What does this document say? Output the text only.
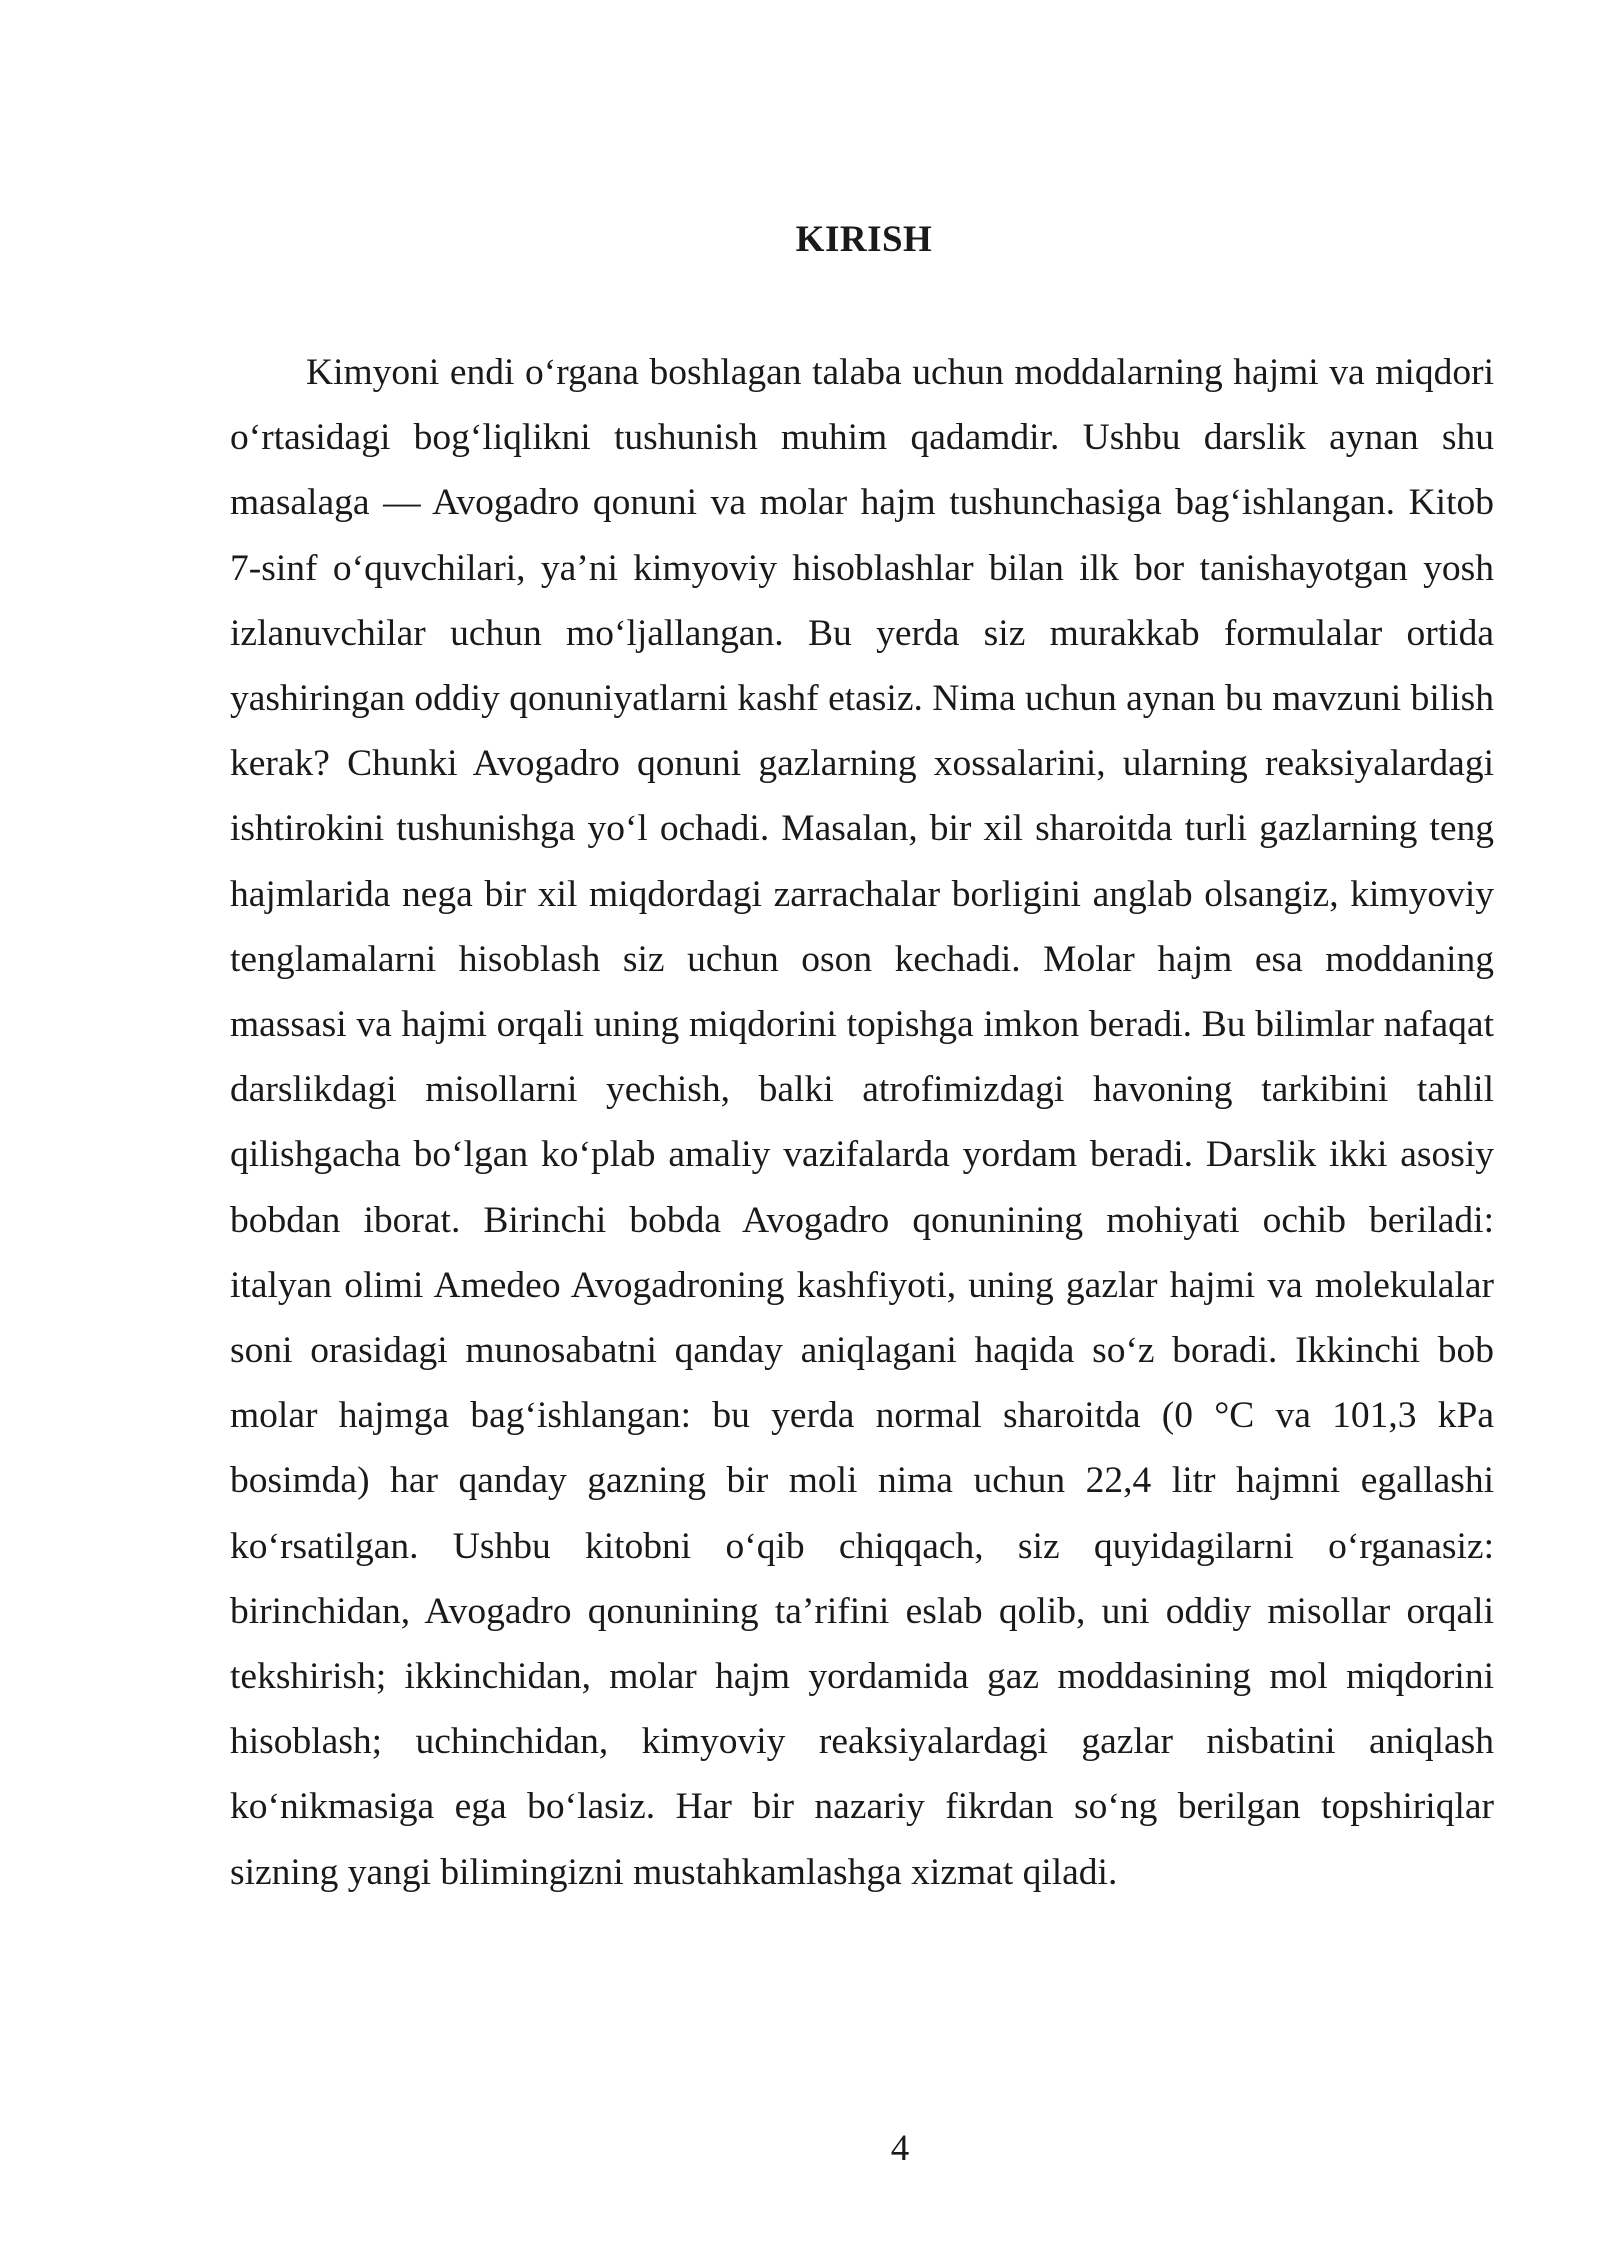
KIRISH

Kimyoni endi o‘rgana boshlagan talaba uchun moddalarning hajmi va miqdori o‘rtasidagi bog‘liqlikni tushunish muhim qadamdir. Ushbu darslik aynan shu masalaga — Avogadro qonuni va molar hajm tushunchasiga bag‘ishlangan. Kitob 7-sinf o‘quvchilari, ya’ni kimyoviy hisoblashlar bilan ilk bor tanishayotgan yosh izlanuvchilar uchun mo‘ljallangan. Bu yerda siz murakkab formulalar ortida yashiringan oddiy qonuniyatlarni kashf etasiz. Nima uchun aynan bu mavzuni bilish kerak? Chunki Avogadro qonuni gazlarning xossalarini, ularning reaksiyalardagi ishtirokini tushunishga yo‘l ochadi. Masalan, bir xil sharoitda turli gazlarning teng hajmlarida nega bir xil miqdordagi zarrachalar borligini anglab olsangiz, kimyoviy tenglamalarni hisoblash siz uchun oson kechadi. Molar hajm esa moddaning massasi va hajmi orqali uning miqdorini topishga imkon beradi. Bu bilimlar nafaqat darslikdagi misollarni yechish, balki atrofimizdagi havoning tarkibini tahlil qilishgacha bo‘lgan ko‘plab amaliy vazifalarda yordam beradi. Darslik ikki asosiy bobdan iborat. Birinchi bobda Avogadro qonunining mohiyati ochib beriladi: italyan olimi Amedeo Avogadroning kashfiyoti, uning gazlar hajmi va molekulalar soni orasidagi munosabatni qanday aniqlagani haqida so‘z boradi. Ikkinchi bob molar hajmga bag‘ishlangan: bu yerda normal sharoitda (0 °C va 101,3 kPa bosimda) har qanday gazning bir moli nima uchun 22,4 litr hajmni egallashi ko‘rsatilgan. Ushbu kitobni o‘qib chiqqach, siz quyidagilarni o‘rganasiz: birinchidan, Avogadro qonunining ta’rifini eslab qolib, uni oddiy misollar orqali tekshirish; ikkinchidan, molar hajm yordamida gaz moddasining mol miqdorini hisoblash; uchinchidan, kimyoviy reaksiyalardagi gazlar nisbatini aniqlash ko‘nikmasiga ega bo‘lasiz. Har bir nazariy fikrdan so‘ng berilgan topshiriqlar sizning yangi bilimingizni mustahkamlashga xizmat qiladi.

4
